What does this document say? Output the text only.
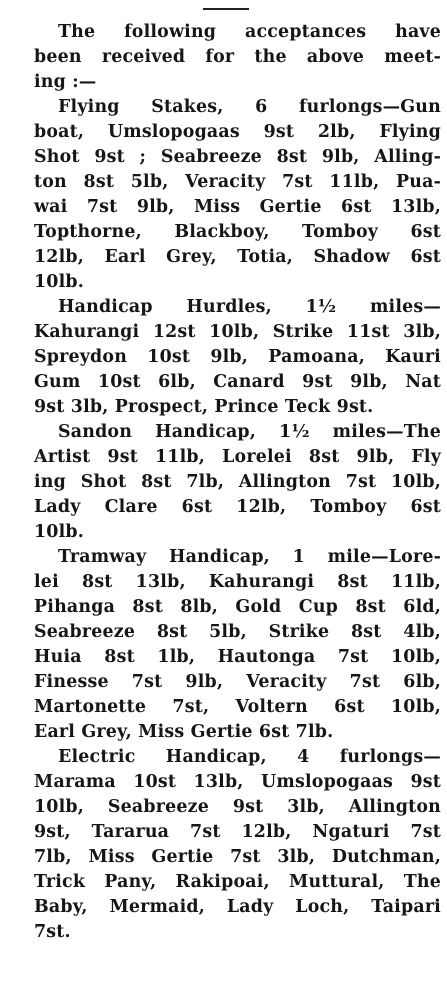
The following acceptances have
been received for the above meet-
ing :—
Flying Stakes, 6 furlongs—Gun
boat, Umslopogaas 9st 2lb, Flying
Shot 9st ; Seabreeze 8st 9lb, Alling-
ton 8st 5lb, Veracity 7st 11lb, Pua-
wai 7st 9lb, Miss Gertie 6st 13lb,
Topthorne, Blackboy, Tomboy 6st
12lb, Earl Grey, Totia, Shadow 6st
10lb.
Handicap Hurdles, 1½ miles—
Kahurangi 12st 10lb, Strike 11st 3lb,
Spreydon 10st 9lb, Pamoana, Kauri
Gum 10st 6lb, Canard 9st 9lb, Nat
9st 3lb, Prospect, Prince Teck 9st.
Sandon Handicap, 1½ miles—The
Artist 9st 11lb, Lorelei 8st 9lb, Fly
ing Shot 8st 7lb, Allington 7st 10lb,
Lady Clare 6st 12lb, Tomboy 6st
10lb.
Tramway Handicap, 1 mile—Lore-
lei 8st 13lb, Kahurangi 8st 11lb,
Pihanga 8st 8lb, Gold Cup 8st 6ld,
Seabreeze 8st 5lb, Strike 8st 4lb,
Huia 8st 1lb, Hautonga 7st 10lb,
Finesse 7st 9lb, Veracity 7st 6lb,
Martonette 7st, Voltern 6st 10lb,
Earl Grey, Miss Gertie 6st 7lb.
Electric Handicap, 4 furlongs—
Marama 10st 13lb, Umslopogaas 9st
10lb, Seabreeze 9st 3lb, Allington
9st, Tararua 7st 12lb, Ngaturi 7st
7lb, Miss Gertie 7st 3lb, Dutchman,
Trick Pany, Rakipoai, Muttural, The
Baby, Mermaid, Lady Loch, Taipari
7st.
